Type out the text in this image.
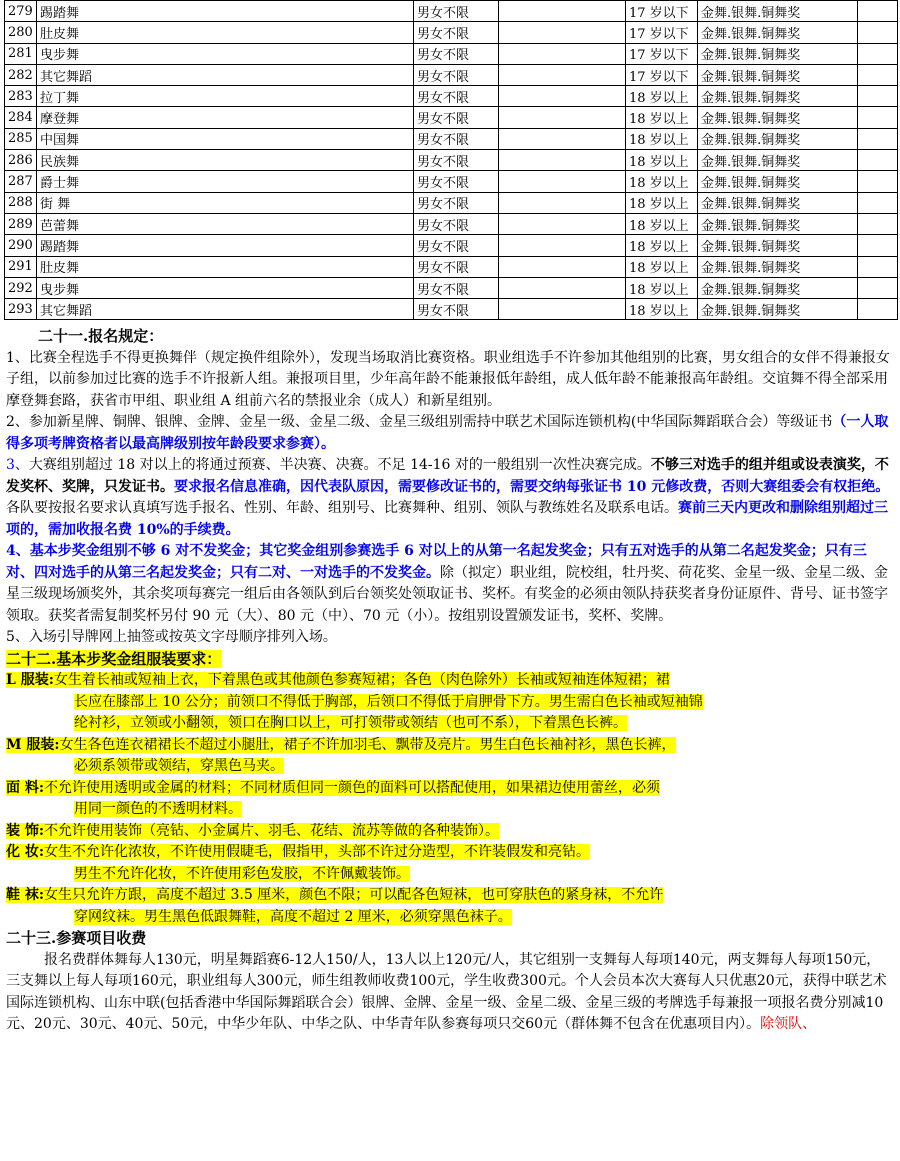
279	踢踏舞	男女不限		17 岁以下	金舞.银舞.铜舞奖	
280	肚皮舞	男女不限		17 岁以下	金舞.银舞.铜舞奖	
281	曳步舞	男女不限		17 岁以下	金舞.银舞.铜舞奖	
282	其它舞蹈	男女不限		17 岁以下	金舞.银舞.铜舞奖	
283	拉丁舞	男女不限		18 岁以上	金舞.银舞.铜舞奖	
284	摩登舞	男女不限		18 岁以上	金舞.银舞.铜舞奖	
285	中国舞	男女不限		18 岁以上	金舞.银舞.铜舞奖	
286	民族舞	男女不限		18 岁以上	金舞.银舞.铜舞奖	
287	爵士舞	男女不限		18 岁以上	金舞.银舞.铜舞奖	
288	街 舞	男女不限		18 岁以上	金舞.银舞.铜舞奖	
289	芭蕾舞	男女不限		18 岁以上	金舞.银舞.铜舞奖	
290	踢踏舞	男女不限		18 岁以上	金舞.银舞.铜舞奖	
291	肚皮舞	男女不限		18 岁以上	金舞.银舞.铜舞奖	
292	曳步舞	男女不限		18 岁以上	金舞.银舞.铜舞奖	
293	其它舞蹈	男女不限		18 岁以上	金舞.银舞.铜舞奖	

二十一.报名规定：

1、比赛全程选手不得更换舞伴（规定换件组除外），发现当场取消比赛资格。职业组选手不许参加其他组别的比赛，男女组合的女伴不得兼报女子组，以前参加过比赛的选手不许报新人组。兼报项目里，少年高年龄不能兼报低年龄组，成人低年龄不能兼报高年龄组。交谊舞不得全部采用摩登舞套路，获省市甲组、职业组 A 组前六名的禁报业余（成人）和新星组别。

2、参加新星牌、铜牌、银牌、金牌、金星一级、金星二级、金星三级组别需持中联艺术国际连锁机构(中华国际舞蹈联合会）等级证书（一人取得多项考牌资格者以最高牌级别按年龄段要求参赛）。

3、大赛组别超过 18 对以上的将通过预赛、半决赛、决赛。不足 14-16 对的一般组别一次性决赛完成。不够三对选手的组并组或设表演奖，不发奖杯、奖牌，只发证书。要求报名信息准确，因代表队原因，需要修改证书的，需要交纳每张证书 10 元修改费，否则大赛组委会有权拒绝。各队要按报名要求认真填写选手报名、性别、年龄、组别号、比赛舞种、组别、领队与教练姓名及联系电话。赛前三天内更改和删除组别超过三项的，需加收报名费 10%的手续费。

4、基本步奖金组别不够 6 对不发奖金；其它奖金组别参赛选手 6 对以上的从第一名起发奖金；只有五对选手的从第二名起发奖金；只有三对、四对选手的从第三名起发奖金；只有二对、一对选手的不发奖金。除（拟定）职业组，院校组，牡丹奖、荷花奖、金星一级、金星二级、金星三级现场颁奖外，其余奖项每赛完一组后由各领队到后台领奖处领取证书、奖杯。有奖金的必须由领队持获奖者身份证原件、背号、证书签字领取。获奖者需复制奖杯另付 90 元（大）、80 元（中）、70 元（小）。按组别设置颁发证书，奖杯、奖牌。

5、入场引导牌网上抽签或按英文字母顺序排列入场。

二十二.基本步奖金组服装要求：

L 服装:女生着长袖或短袖上衣，下着黑色或其他颜色参赛短裙；各色（肉色除外）长袖或短袖连体短裙；裙

长应在膝部上 10 公分；前领口不得低于胸部，后领口不得低于肩胛骨下方。男生需白色长袖或短袖锦

纶衬衫，立领或小翻领，领口在胸口以上，可打领带或领结（也可不系），下着黑色长裤。

M 服装:女生各色连衣裙裙长不超过小腿肚，裙子不许加羽毛、飘带及亮片。男生白色长袖衬衫，黑色长裤，

必须系领带或领结，穿黑色马夹。

面 料:不允许使用透明或金属的材料；不同材质但同一颜色的面料可以搭配使用，如果裙边使用蕾丝，必须

用同一颜色的不透明材料。

装 饰:不允许使用装饰（亮钻、小金属片、羽毛、花结、流苏等做的各种装饰）。

化 妆:女生不允许化浓妆，不许使用假睫毛，假指甲，头部不许过分造型，不许装假发和亮钻。

男生不允许化妆，不许使用彩色发胶，不许佩戴装饰。

鞋 袜:女生只允许方跟，高度不超过 3.5 厘米，颜色不限；可以配各色短袜，也可穿肤色的紧身袜，不允许

穿网纹袜。男生黑色低跟舞鞋，高度不超过 2 厘米，必须穿黑色袜子。

二十三.参赛项目收费

报名费群体舞每人130元，明星舞蹈赛6-12人150/人，13人以上120元/人，其它组别一支舞每人每项140元，两支舞每人每项150元，三支舞以上每人每项160元，职业组每人300元，师生组教师收费100元，学生收费300元。个人会员本次大赛每人只优惠20元，获得中联艺术国际连锁机构、山东中联(包括香港中华国际舞蹈联合会）银牌、金牌、金星一级、金星二级、金星三级的考牌选手每兼报一项报名费分别减10元、20元、30元、40元、50元，中华少年队、中华之队、中华青年队参赛每项只交60元（群体舞不包含在优惠项目内）。除领队、
